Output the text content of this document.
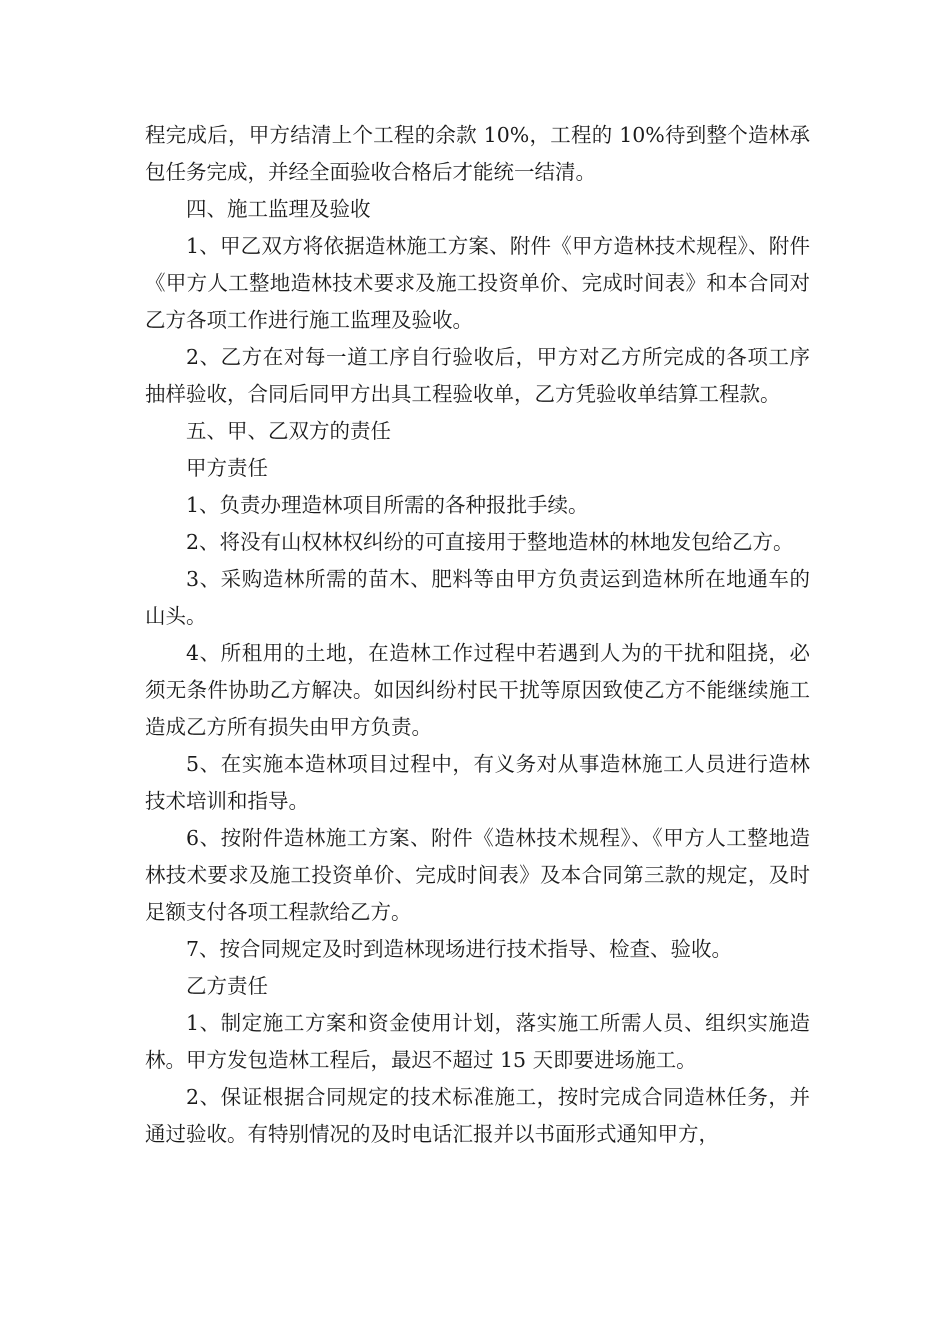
程完成后，甲方结清上个工程的余款 10%，工程的 10%待到整个造林承包任务完成，并经全面验收合格后才能统一结清。

四、施工监理及验收

1、甲乙双方将依据造林施工方案、附件《甲方造林技术规程》、附件《甲方人工整地造林技术要求及施工投资单价、完成时间表》和本合同对乙方各项工作进行施工监理及验收。

2、乙方在对每一道工序自行验收后，甲方对乙方所完成的各项工序抽样验收，合同后同甲方出具工程验收单，乙方凭验收单结算工程款。

五、甲、乙双方的责任

甲方责任

1、负责办理造林项目所需的各种报批手续。

2、将没有山权林权纠纷的可直接用于整地造林的林地发包给乙方。

3、采购造林所需的苗木、肥料等由甲方负责运到造林所在地通车的山头。

4、所租用的土地，在造林工作过程中若遇到人为的干扰和阻挠，必须无条件协助乙方解决。如因纠纷村民干扰等原因致使乙方不能继续施工造成乙方所有损失由甲方负责。

5、在实施本造林项目过程中，有义务对从事造林施工人员进行造林技术培训和指导。

6、按附件造林施工方案、附件《造林技术规程》、《甲方人工整地造林技术要求及施工投资单价、完成时间表》及本合同第三款的规定，及时足额支付各项工程款给乙方。

7、按合同规定及时到造林现场进行技术指导、检查、验收。

乙方责任

1、制定施工方案和资金使用计划，落实施工所需人员、组织实施造林。甲方发包造林工程后，最迟不超过 15 天即要进场施工。

2、保证根据合同规定的技术标准施工，按时完成合同造林任务，并通过验收。有特别情况的及时电话汇报并以书面形式通知甲方，
